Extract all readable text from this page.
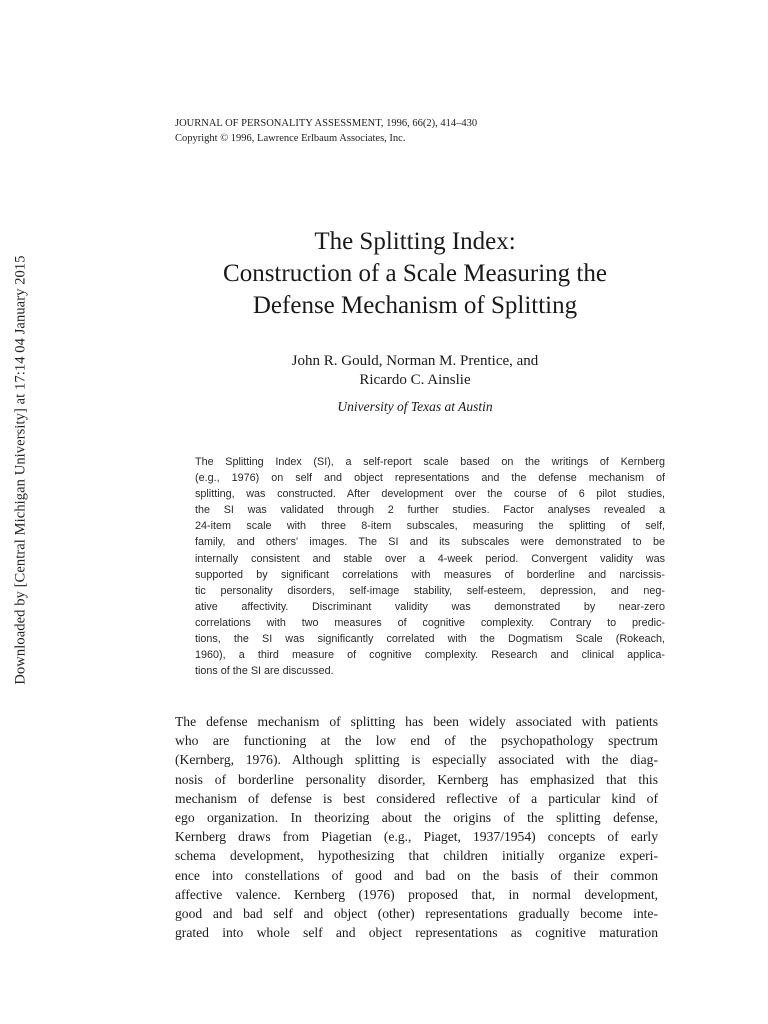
Downloaded by [Central Michigan University] at 17:14 04 January 2015
JOURNAL OF PERSONALITY ASSESSMENT, 1996, 66(2), 414–430
Copyright © 1996, Lawrence Erlbaum Associates, Inc.
The Splitting Index:
Construction of a Scale Measuring the
Defense Mechanism of Splitting
John R. Gould, Norman M. Prentice, and
Ricardo C. Ainslie
University of Texas at Austin
The Splitting Index (SI), a self-report scale based on the writings of Kernberg
(e.g., 1976) on self and object representations and the defense mechanism of
splitting, was constructed. After development over the course of 6 pilot studies,
the SI was validated through 2 further studies. Factor analyses revealed a
24-item scale with three 8-item subscales, measuring the splitting of self,
family, and others' images. The SI and its subscales were demonstrated to be
internally consistent and stable over a 4-week period. Convergent validity was
supported by significant correlations with measures of borderline and narcissis-
tic personality disorders, self-image stability, self-esteem, depression, and neg-
ative affectivity. Discriminant validity was demonstrated by near-zero
correlations with two measures of cognitive complexity. Contrary to predic-
tions, the SI was significantly correlated with the Dogmatism Scale (Rokeach,
1960), a third measure of cognitive complexity. Research and clinical applica-
tions of the SI are discussed.
The defense mechanism of splitting has been widely associated with patients
who are functioning at the low end of the psychopathology spectrum
(Kernberg, 1976). Although splitting is especially associated with the diag-
nosis of borderline personality disorder, Kernberg has emphasized that this
mechanism of defense is best considered reflective of a particular kind of
ego organization. In theorizing about the origins of the splitting defense,
Kernberg draws from Piagetian (e.g., Piaget, 1937/1954) concepts of early
schema development, hypothesizing that children initially organize experi-
ence into constellations of good and bad on the basis of their common
affective valence. Kernberg (1976) proposed that, in normal development,
good and bad self and object (other) representations gradually become inte-
grated into whole self and object representations as cognitive maturation
